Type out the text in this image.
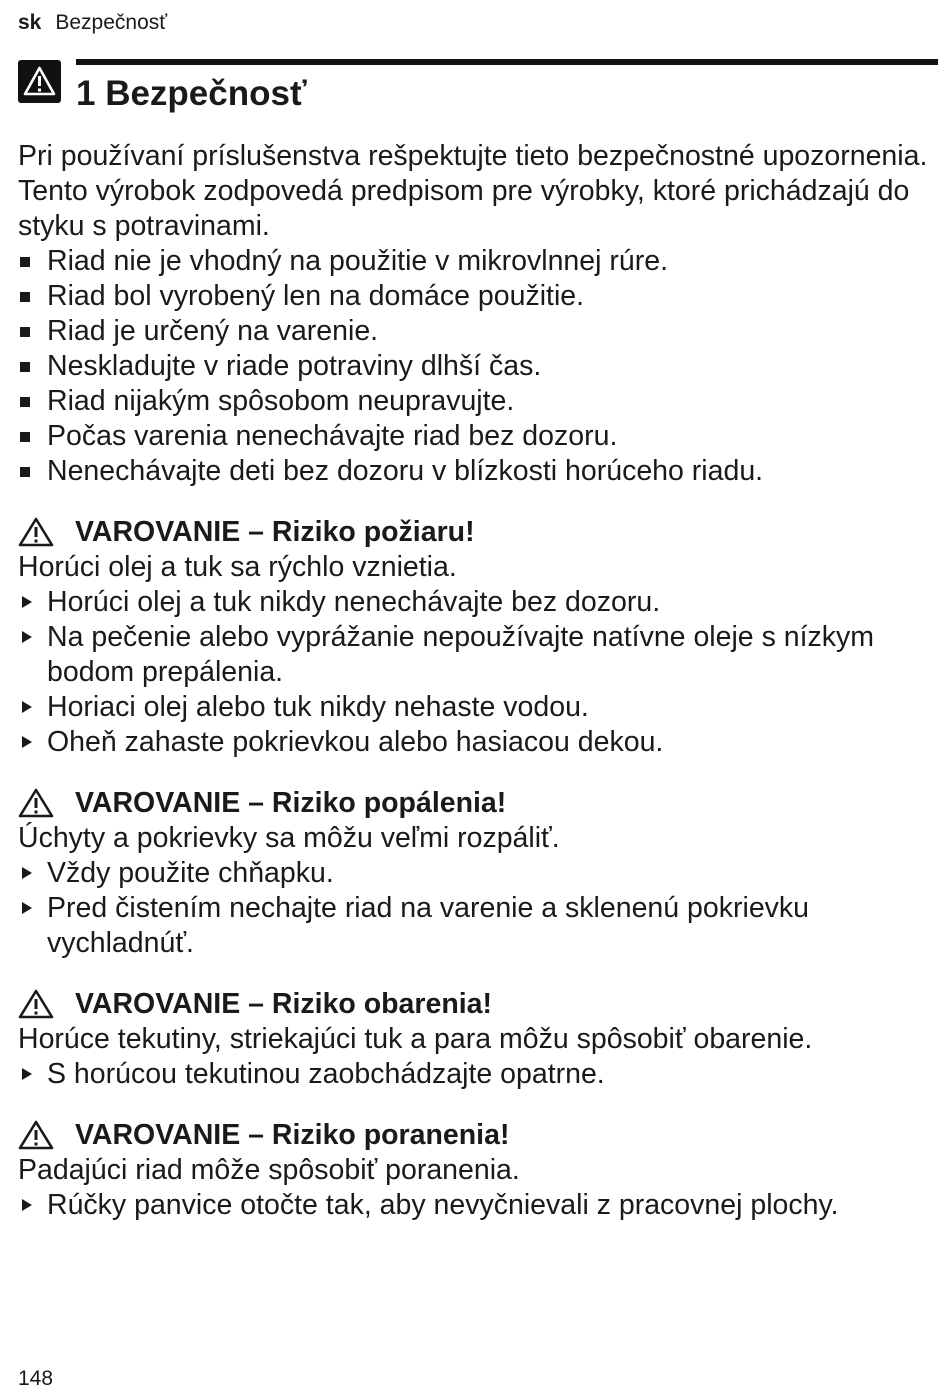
sk Bezpečnosť
1 Bezpečnosť

Pri používaní príslušenstva rešpektujte tieto bezpečnostné upozornenia.

Tento výrobok zodpovedá predpisom pre výrobky, ktoré prichádzajú do styku s potravinami.

Riad nie je vhodný na použitie v mikrovlnnej rúre.
Riad bol vyrobený len na domáce použitie.
Riad je určený na varenie.
Neskladujte v riade potraviny dlhší čas.
Riad nijakým spôsobom neupravujte.
Počas varenia nenechávajte riad bez dozoru.
Nenechávajte deti bez dozoru v blízkosti horúceho riadu.
VAROVANIE – Riziko požiaru!

Horúci olej a tuk sa rýchlo vznietia.

Horúci olej a tuk nikdy nenechávajte bez dozoru.
Na pečenie alebo vyprážanie nepoužívajte natívne oleje s nízkym bodom prepálenia.
Horiaci olej alebo tuk nikdy nehaste vodou.
Oheň zahaste pokrievkou alebo hasiacou dekou.
VAROVANIE – Riziko popálenia!

Úchyty a pokrievky sa môžu veľmi rozpáliť.

Vždy použite chňapku.
Pred čistením nechajte riad na varenie a sklenenú pokrievku vychladnúť.
VAROVANIE – Riziko obarenia!

Horúce tekutiny, striekajúci tuk a para môžu spôsobiť obarenie.

S horúcou tekutinou zaobchádzajte opatrne.
VAROVANIE – Riziko poranenia!

Padajúci riad môže spôsobiť poranenia.

Rúčky panvice otočte tak, aby nevyčnievali z pracovnej plochy.
148
